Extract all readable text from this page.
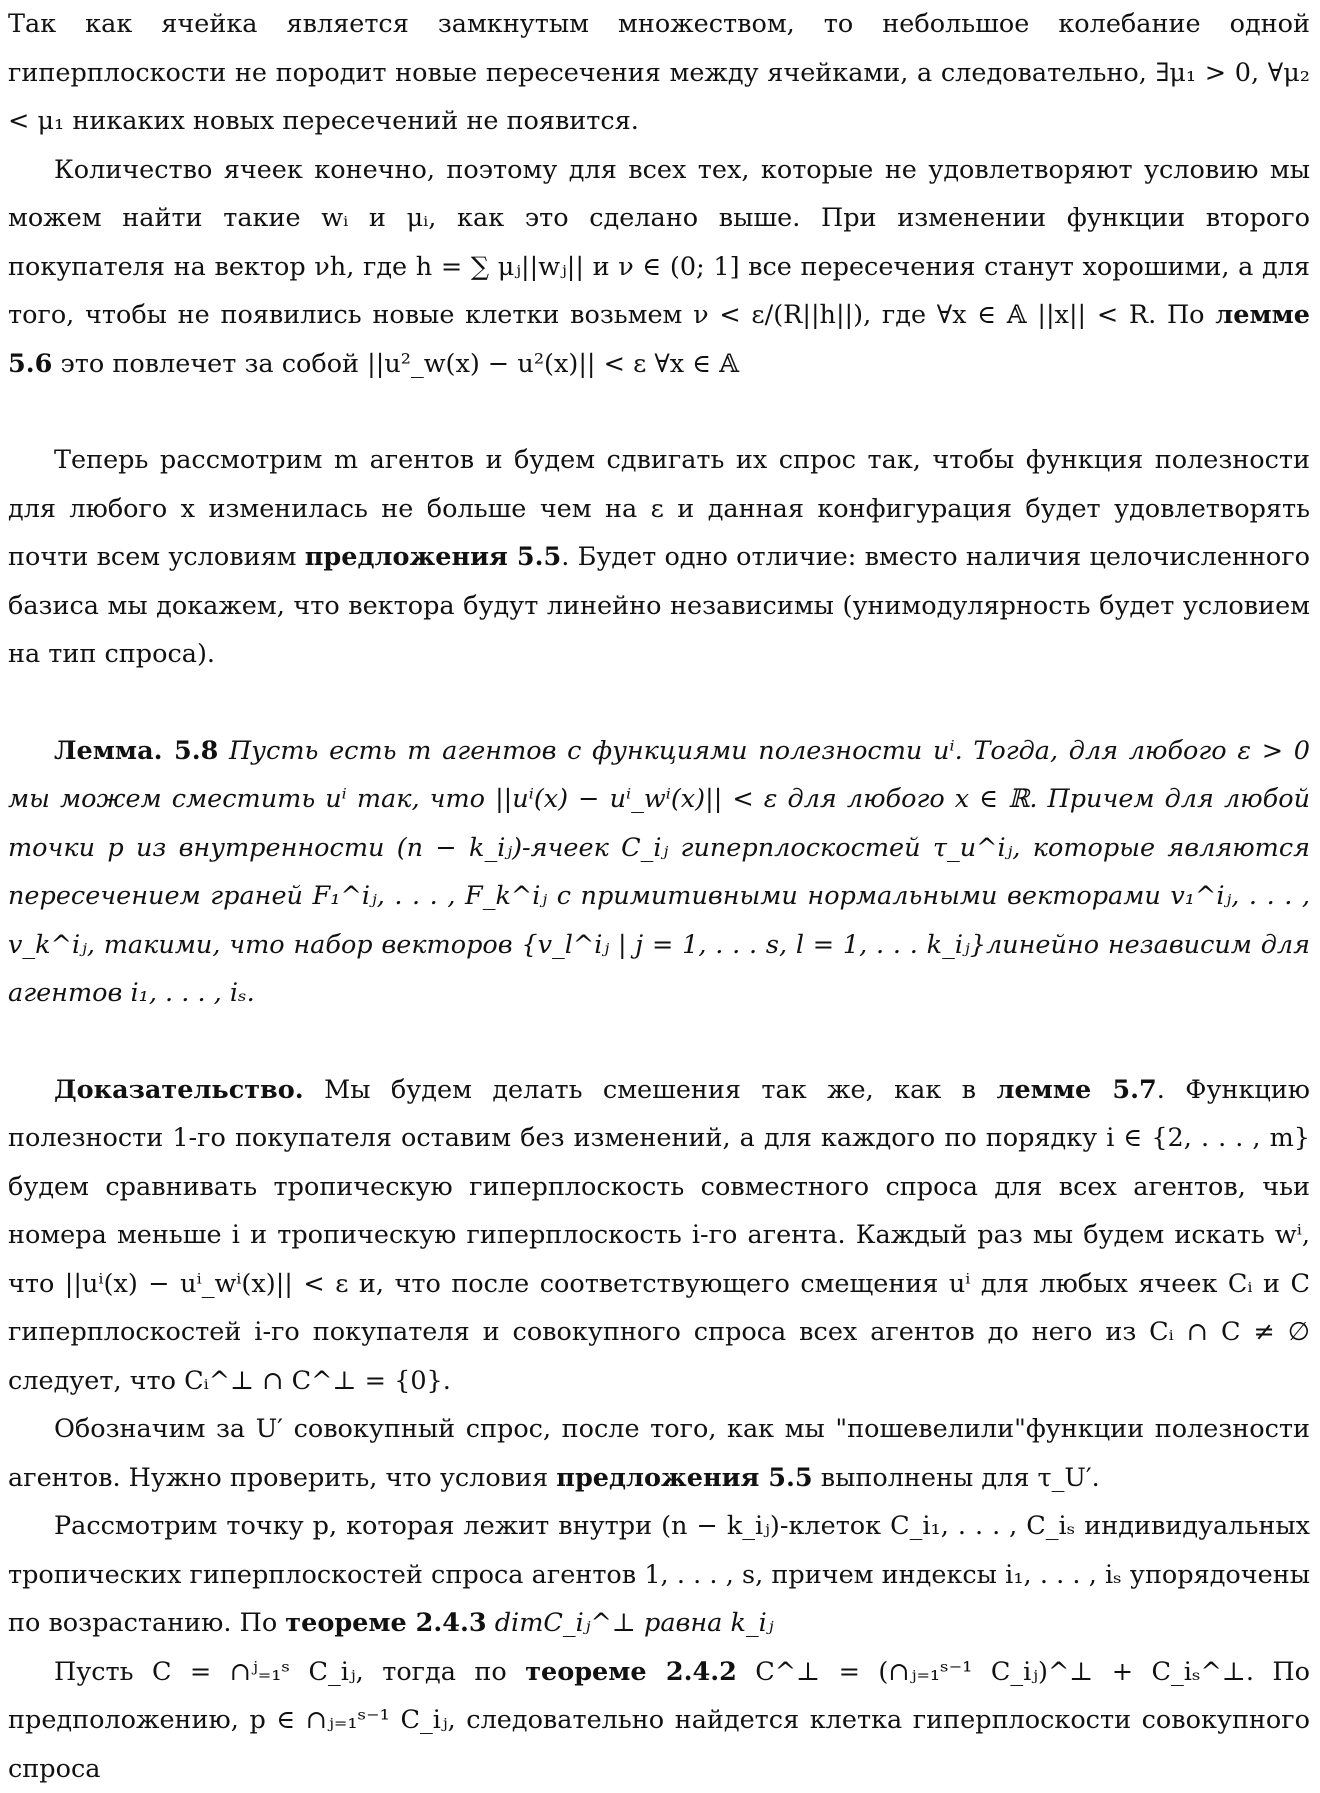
Так как ячейка является замкнутым множеством, то небольшое колебание одной гиперплоскости не породит новые пересечения между ячейками, а следовательно, ∃μ₁ > 0, ∀μ₂ < μ₁ никаких новых пересечений не появится.

Количество ячеек конечно, поэтому для всех тех, которые не удовлетворяют условию мы можем найти такие wᵢ и μᵢ, как это сделано выше. При изменении функции второго покупателя на вектор νh, где h = ∑ μⱼ||wⱼ|| и ν ∈ (0; 1] все пересечения станут хорошими, а для того, чтобы не появились новые клетки возьмем ν < ε/(R||h||), где ∀x ∈ 𝔸 ||x|| < R. По лемме 5.6 это повлечет за собой ||u²_w(x) − u²(x)|| < ε ∀x ∈ 𝔸

Теперь рассмотрим m агентов и будем сдвигать их спрос так, чтобы функция полезности для любого x изменилась не больше чем на ε и данная конфигурация будет удовлетворять почти всем условиям предложения 5.5. Будет одно отличие: вместо наличия целочисленного базиса мы докажем, что вектора будут линейно независимы (унимодулярность будет условием на тип спроса).

Лемма. 5.8 Пусть есть m агентов с функциями полезности uⁱ. Тогда, для любого ε > 0 мы можем сместить uⁱ так, что ||uⁱ(x) − uⁱ_wⁱ(x)|| < ε для любого x ∈ ℝ. Причем для любой точки p из внутренности (n − k_iⱼ)-ячеек C_iⱼ гиперплоскостей τ_u^iⱼ, которые являются пересечением граней F₁^iⱼ, . . . , F_k^iⱼ с примитивными нормальными векторами v₁^iⱼ, . . . , v_k^iⱼ, такими, что набор векторов {v_l^iⱼ | j = 1, . . . s, l = 1, . . . k_iⱼ}линейно независим для агентов i₁, . . . , iₛ.

Доказательство. Мы будем делать смешения так же, как в лемме 5.7. Функцию полезности 1-го покупателя оставим без изменений, а для каждого по порядку i ∈ {2, . . . , m} будем сравнивать тропическую гиперплоскость совместного спроса для всех агентов, чьи номера меньше i и тропическую гиперплоскость i-го агента. Каждый раз мы будем искать wⁱ, что ||uⁱ(x) − uⁱ_wⁱ(x)|| < ε и, что после соответствующего смещения uⁱ для любых ячеек Cᵢ и C гиперплоскостей i-го покупателя и совокупного спроса всех агентов до него из Cᵢ ∩ C ≠ ∅ следует, что Cᵢ^⊥ ∩ C^⊥ = {0}.

Обозначим за U′ совокупный спрос, после того, как мы "пошевелили"функции полезности агентов. Нужно проверить, что условия предложения 5.5 выполнены для τ_U′.

Рассмотрим точку p, которая лежит внутри (n − k_iⱼ)-клеток C_i₁, . . . , C_iₛ индивидуальных тропических гиперплоскостей спроса агентов 1, . . . , s, причем индексы i₁, . . . , iₛ упорядочены по возрастанию. По теореме 2.4.3 dimC_iⱼ^⊥ равна k_iⱼ

Пусть C = ∩ʲ₌₁ˢ C_iⱼ, тогда по теореме 2.4.2 C^⊥ = (∩ⱼ₌₁ˢ⁻¹ C_iⱼ)^⊥ + C_iₛ^⊥. По предположению, p ∈ ∩ⱼ₌₁ˢ⁻¹ C_iⱼ, следовательно найдется клетка гиперплоскости совокупного спроса
